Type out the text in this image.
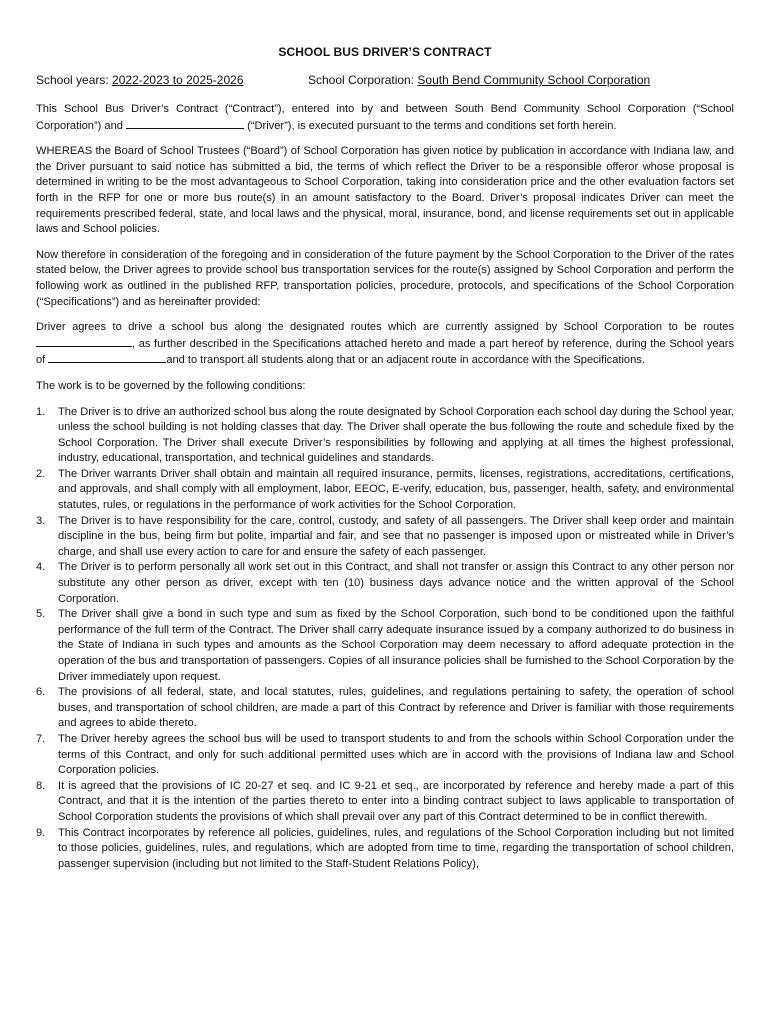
SCHOOL BUS DRIVER’S CONTRACT
School years: 2022-2023 to 2025-2026	School Corporation: South Bend Community School Corporation

This School Bus Driver’s Contract (“Contract”), entered into by and between South Bend Community School Corporation (“School Corporation”) and	(“Driver”), is executed pursuant to the terms and conditions set forth herein.

WHEREAS the Board of School Trustees (“Board”) of School Corporation has given notice by publication in accordance with Indiana law, and the Driver pursuant to said notice has submitted a bid, the terms of which reflect the Driver to be a responsible offeror whose proposal is determined in writing to be the most advantageous to School Corporation, taking into consideration price and the other evaluation factors set forth in the RFP for one or more bus route(s) in an amount satisfactory to the Board. Driver’s proposal indicates Driver can meet the requirements prescribed federal, state, and local laws and the physical, moral, insurance, bond, and license requirements set out in applicable laws and School policies.

Now therefore in consideration of the foregoing and in consideration of the future payment by the School Corporation to the Driver of the rates stated below, the Driver agrees to provide school bus transportation services for the route(s) assigned by School Corporation and perform the following work as outlined in the published RFP, transportation policies, procedure, protocols, and specifications of the School Corporation (“Specifications”) and as hereinafter provided:

Driver agrees to drive a school bus along the designated routes which are currently assigned by School Corporation to be routes , as further described in the Specifications attached hereto and made a part hereof by reference, during the School years of	and to transport all students along that or an adjacent route in accordance with the Specifications.

The work is to be governed by the following conditions:

1. The Driver is to drive an authorized school bus along the route designated by School Corporation each school day during the School year, unless the school building is not holding classes that day. The Driver shall operate the bus following the route and schedule fixed by the School Corporation. The Driver shall execute Driver’s responsibilities by following and applying at all times the highest professional, industry, educational, transportation, and technical guidelines and standards.
2. The Driver warrants Driver shall obtain and maintain all required insurance, permits, licenses, registrations, accreditations, certifications, and approvals, and shall comply with all employment, labor, EEOC, E-verify, education, bus, passenger, health, safety, and environmental statutes, rules, or regulations in the performance of work activities for the School Corporation.
3. The Driver is to have responsibility for the care, control, custody, and safety of all passengers. The Driver shall keep order and maintain discipline in the bus, being firm but polite, impartial and fair, and see that no passenger is imposed upon or mistreated while in Driver’s charge, and shall use every action to care for and ensure the safety of each passenger.
4. The Driver is to perform personally all work set out in this Contract, and shall not transfer or assign this Contract to any other person nor substitute any other person as driver, except with ten (10) business days advance notice and the written approval of the School Corporation.
5. The Driver shall give a bond in such type and sum as fixed by the School Corporation, such bond to be conditioned upon the faithful performance of the full term of the Contract. The Driver shall carry adequate insurance issued by a company authorized to do business in the State of Indiana in such types and amounts as the School Corporation may deem necessary to afford adequate protection in the operation of the bus and transportation of passengers. Copies of all insurance policies shall be furnished to the School Corporation by the Driver immediately upon request.
6. The provisions of all federal, state, and local statutes, rules, guidelines, and regulations pertaining to safety, the operation of school buses, and transportation of school children, are made a part of this Contract by reference and Driver is familiar with those requirements and agrees to abide thereto.
7. The Driver hereby agrees the school bus will be used to transport students to and from the schools within School Corporation under the terms of this Contract, and only for such additional permitted uses which are in accord with the provisions of Indiana law and School Corporation policies.
8. It is agreed that the provisions of IC 20-27 et seq. and IC 9-21 et seq., are incorporated by reference and hereby made a part of this Contract, and that it is the intention of the parties thereto to enter into a binding contract subject to laws applicable to transportation of School Corporation students the provisions of which shall prevail over any part of this Contract determined to be in conflict therewith.
9. This Contract incorporates by reference all policies, guidelines, rules, and regulations of the School Corporation including but not limited to those policies, guidelines, rules, and regulations, which are adopted from time to time, regarding the transportation of school children, passenger supervision (including but not limited to the Staff-Student Relations Policy),
